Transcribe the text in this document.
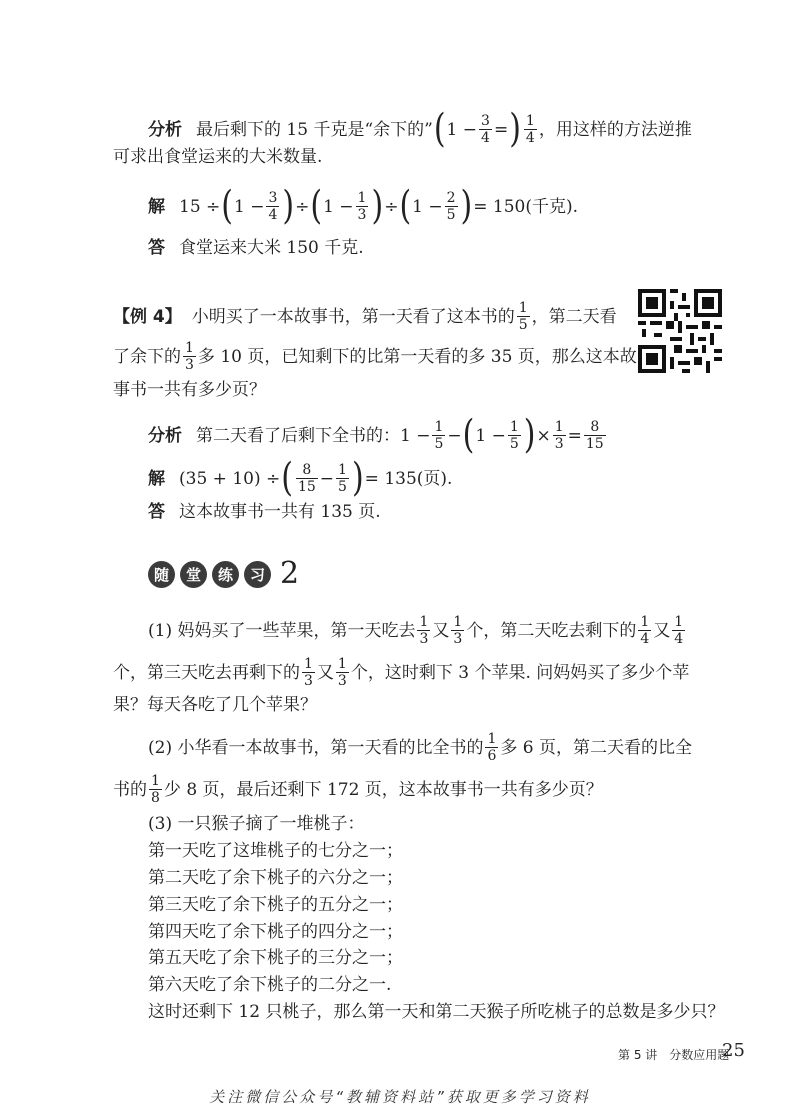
分析 最后剩下的 15 千克是“余下的” ( $1 - \frac{3}{4}$ = ) $\frac{1}{4}$ ，用这样的方法逆推
可求出食堂运来的大米数量.
解 15 ÷ ( $1 - \frac{3}{4}$ ) ÷ ( $1 - \frac{1}{3}$ ) ÷ ( $1 - \frac{2}{5}$ ) = 150(千克).
答 食堂运来大米 150 千克.
【例 4】 小明买了一本故事书，第一天看了这本书的 $\frac{1}{5}$ ，第二天看
了余下的 $\frac{1}{3}$ 多 10 页，已知剩下的比第一天看的多 35 页，那么这本故
事书一共有多少页？
分析 第二天看了后剩下全书的：$1 - \frac{1}{5}$ − ( $1 - \frac{1}{5}$ ) × $\frac{1}{3} = \frac{8}{15}$
解 (35 + 10) ÷ ( $\frac{8}{15} - \frac{1}{5}$ ) = 135(页).
答 这本故事书一共有 135 页.
随	堂	练	习 2
(1) 妈妈买了一些苹果，第一天吃去 $\frac{1}{3}$ 又 $\frac{1}{3}$ 个，第二天吃去剩下的 $\frac{1}{4}$ 又 $\frac{1}{4}$
个，第三天吃去再剩下的 $\frac{1}{3}$ 又 $\frac{1}{3}$ 个，这时剩下 3 个苹果. 问妈妈买了多少个苹
果？每天各吃了几个苹果？
(2) 小华看一本故事书，第一天看的比全书的 $\frac{1}{6}$ 多 6 页，第二天看的比全
书的 $\frac{1}{8}$ 少 8 页，最后还剩下 172 页，这本故事书一共有多少页？
(3) 一只猴子摘了一堆桃子：
第一天吃了这堆桃子的七分之一；
第二天吃了余下桃子的六分之一；
第三天吃了余下桃子的五分之一；
第四天吃了余下桃子的四分之一；
第五天吃了余下桃子的三分之一；
第六天吃了余下桃子的二分之一.
这时还剩下 12 只桃子，那么第一天和第二天猴子所吃桃子的总数是多少只？
第 5 讲　分数应用题
25
关注微信公众号“教辅资料站”获取更多学习资料
